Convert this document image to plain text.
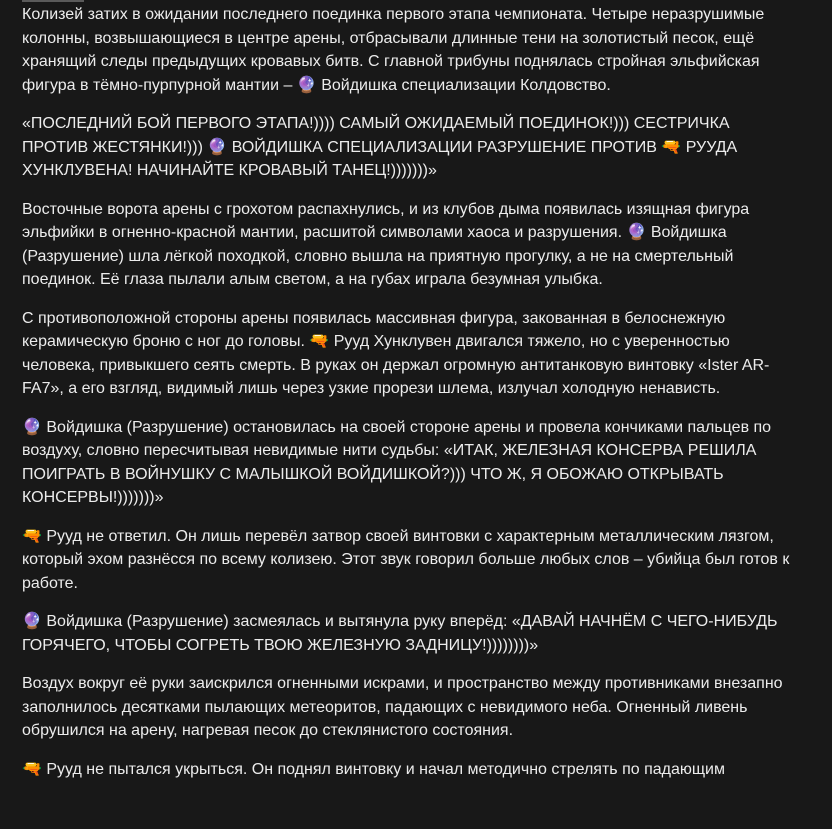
Колизей затих в ожидании последнего поединка первого этапа чемпионата. Четыре неразрушимые колонны, возвышающиеся в центре арены, отбрасывали длинные тени на золотистый песок, ещё хранящий следы предыдущих кровавых битв. С главной трибуны поднялась стройная эльфийская фигура в тёмно-пурпурной мантии – 🔮 Войдишка специализации Колдовство.

«ПОСЛЕДНИЙ БОЙ ПЕРВОГО ЭТАПА!)))) САМЫЙ ОЖИДАЕМЫЙ ПОЕДИНОК!))) СЕСТРИЧКА ПРОТИВ ЖЕСТЯНКИ!))) 🔮 ВОЙДИШКА СПЕЦИАЛИЗАЦИИ РАЗРУШЕНИЕ ПРОТИВ 🔫 РУУДА ХУНКЛУВЕНА! НАЧИНАЙТЕ КРОВАВЫЙ ТАНЕЦ!)))))))»

Восточные ворота арены с грохотом распахнулись, и из клубов дыма появилась изящная фигура эльфийки в огненно-красной мантии, расшитой символами хаоса и разрушения. 🔮 Войдишка (Разрушение) шла лёгкой походкой, словно вышла на приятную прогулку, а не на смертельный поединок. Её глаза пылали алым светом, а на губах играла безумная улыбка.

С противоположной стороны арены появилась массивная фигура, закованная в белоснежную керамическую броню с ног до головы. 🔫 Рууд Хунклувен двигался тяжело, но с уверенностью человека, привыкшего сеять смерть. В руках он держал огромную антитанковую винтовку «Ister AR-FA7», а его взгляд, видимый лишь через узкие прорези шлема, излучал холодную ненависть.

🔮 Войдишка (Разрушение) остановилась на своей стороне арены и провела кончиками пальцев по воздуху, словно пересчитывая невидимые нити судьбы: «ИТАК, ЖЕЛЕЗНАЯ КОНСЕРВА РЕШИЛА ПОИГРАТЬ В ВОЙНУШКУ С МАЛЫШКОЙ ВОЙДИШКОЙ?))) ЧТО Ж, Я ОБОЖАЮ ОТКРЫВАТЬ КОНСЕРВЫ!)))))))»

🔫 Рууд не ответил. Он лишь перевёл затвор своей винтовки с характерным металлическим лязгом, который эхом разнёсся по всему колизею. Этот звук говорил больше любых слов – убийца был готов к работе.

🔮 Войдишка (Разрушение) засмеялась и вытянула руку вперёд: «ДАВАЙ НАЧНЁМ С ЧЕГО-НИБУДЬ ГОРЯЧЕГО, ЧТОБЫ СОГРЕТЬ ТВОЮ ЖЕЛЕЗНУЮ ЗАДНИЦУ!))))))))»

Воздух вокруг её руки заискрился огненными искрами, и пространство между противниками внезапно заполнилось десятками пылающих метеоритов, падающих с невидимого неба. Огненный ливень обрушился на арену, нагревая песок до стеклянистого состояния.

🔫 Рууд не пытался укрыться. Он поднял винтовку и начал методично стрелять по падающим
